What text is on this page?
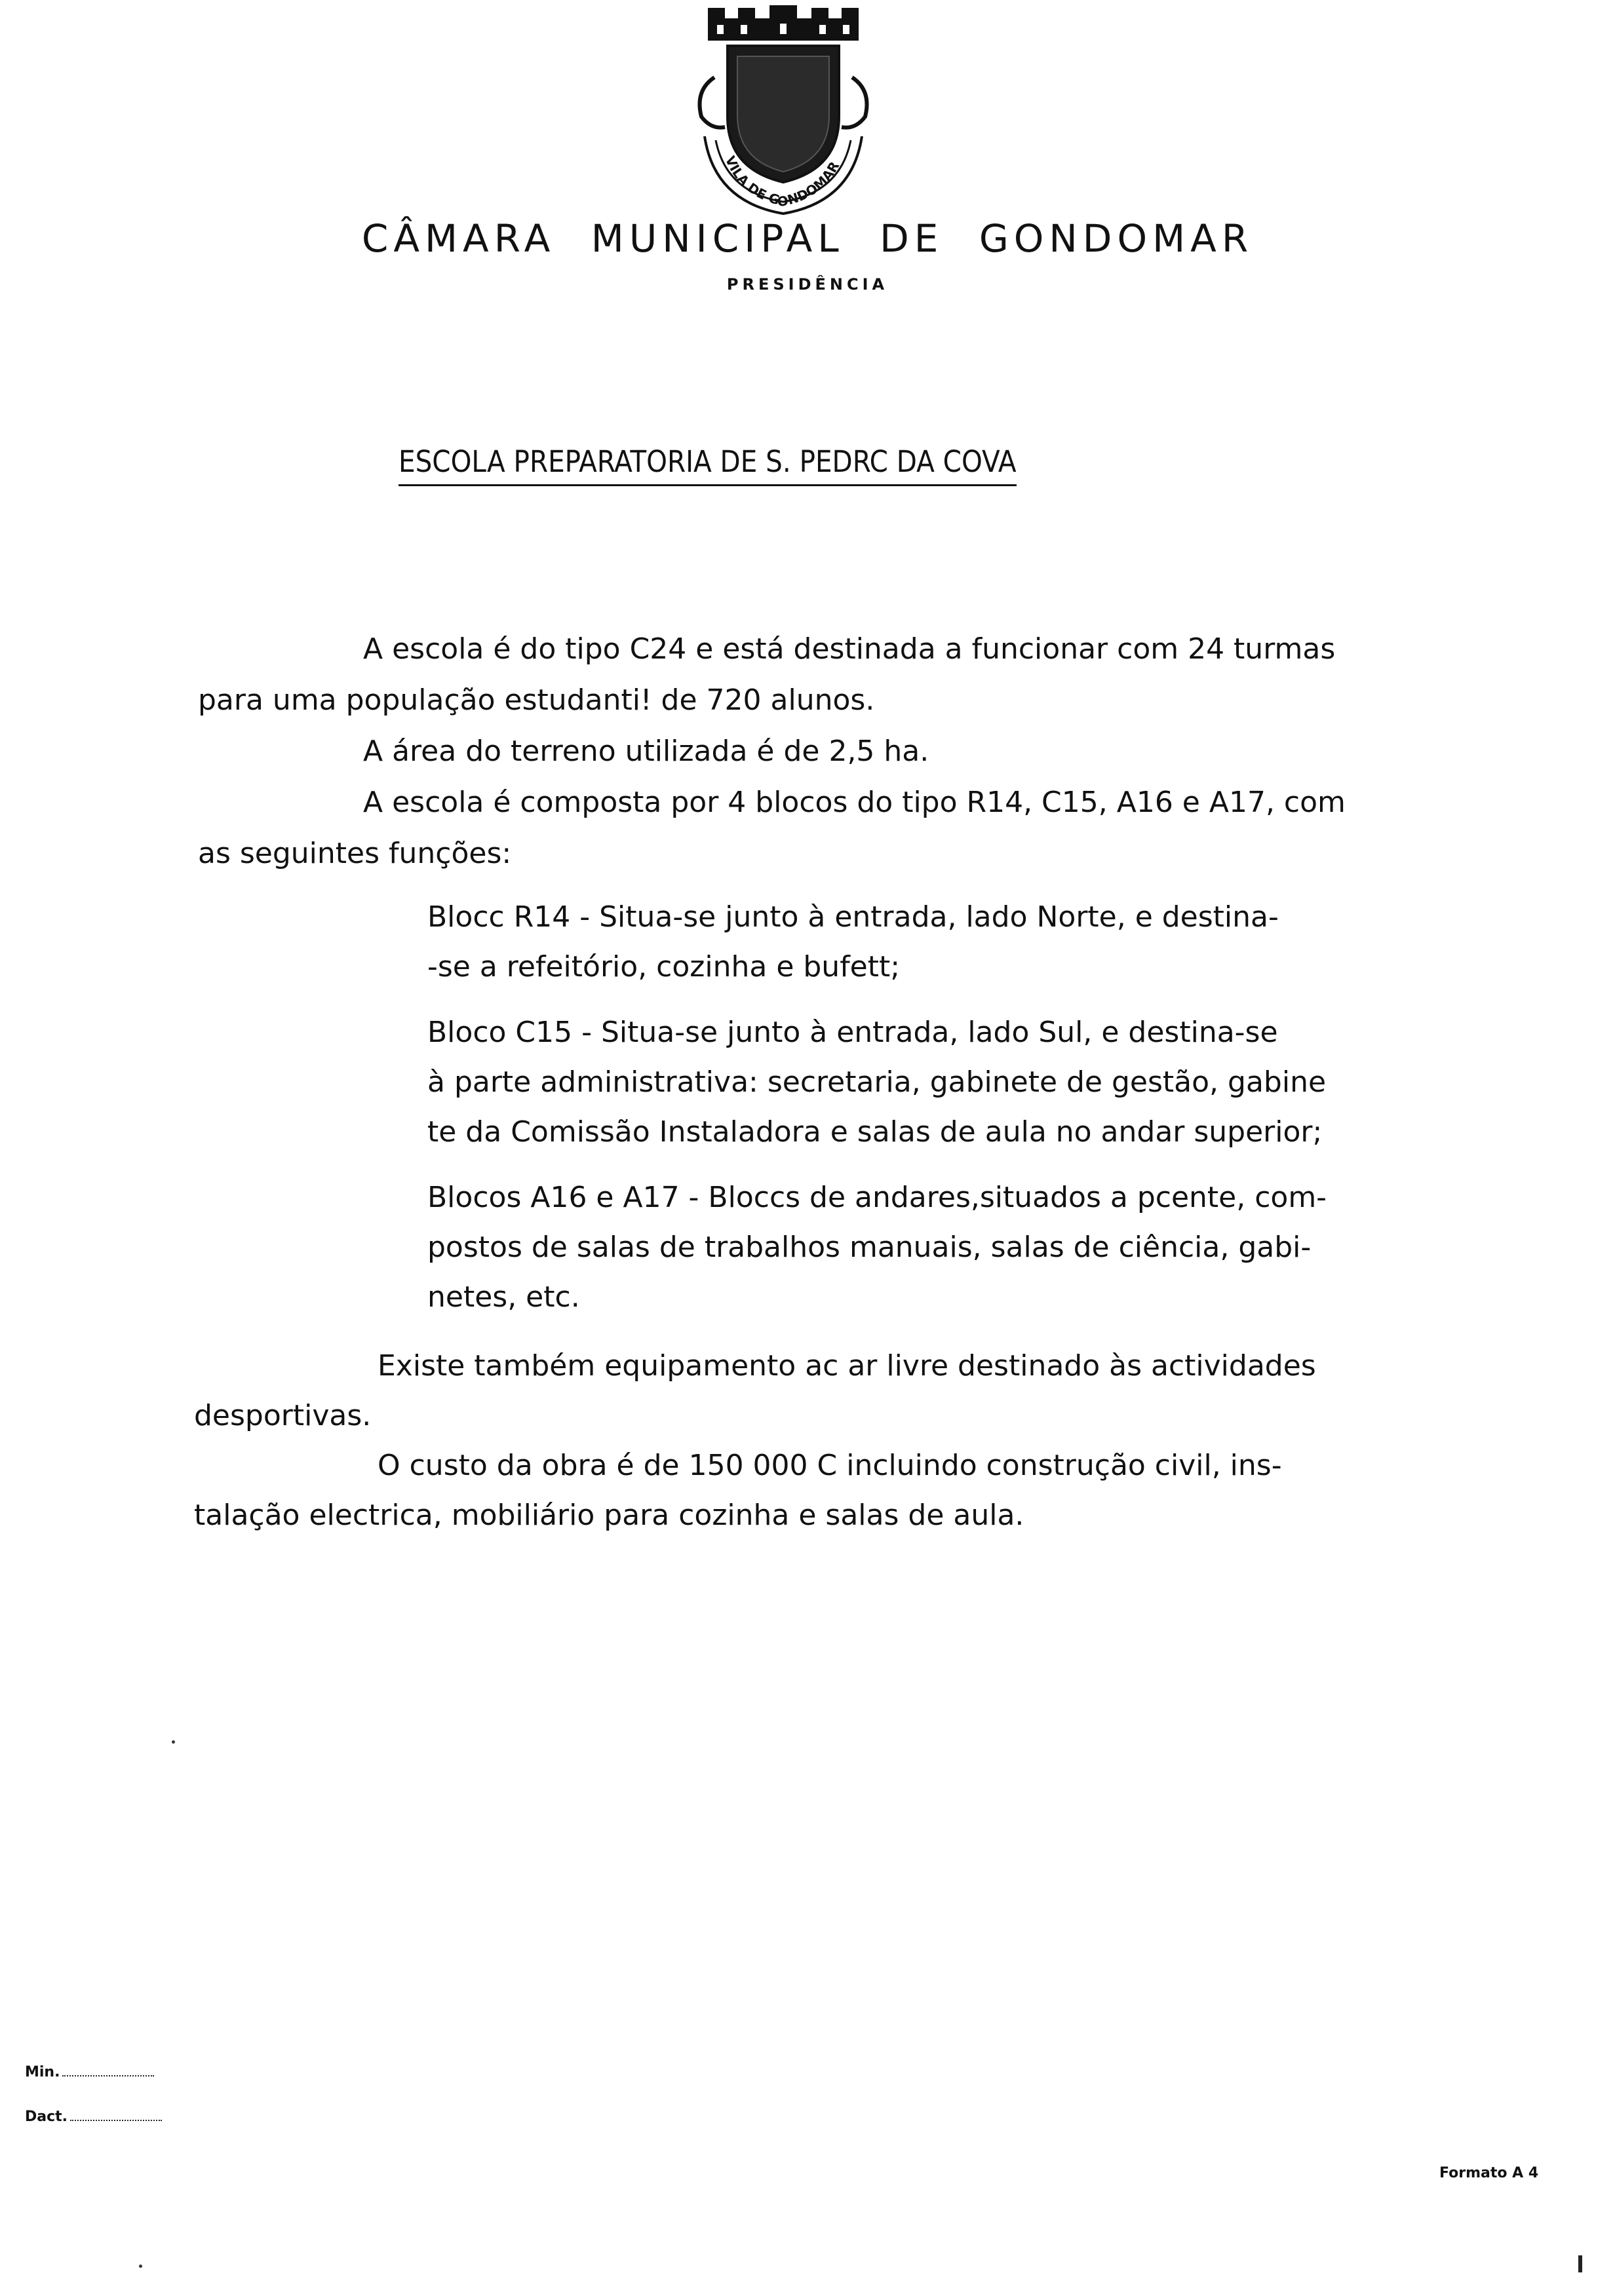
VILA DE GONDOMAR
CÂMARA MUNICIPAL DE GONDOMAR
PRESIDÊNCIA
ESCOLA PREPARATORIA DE S. PEDRC DA COVA
A escola é do tipo C24 e está destinada a funcionar com 24 turmas
para uma população estudanti! de 720 alunos.
A área do terreno utilizada é de 2,5 ha.
A escola é composta por 4 blocos do tipo R14, C15, A16 e A17, com
as seguintes funções:
Blocc R14 - Situa-se junto à entrada, lado Norte, e destina-
-se a refeitório, cozinha e bufett;
Bloco C15 - Situa-se junto à entrada, lado Sul, e destina-se
à parte administrativa: secretaria, gabinete de gestão, gabine
te da Comissão Instaladora e salas de aula no andar superior;
Blocos A16 e A17 - Bloccs de andares,situados a pcente, com-
postos de salas de trabalhos manuais, salas de ciência, gabi-
netes, etc.
Existe também equipamento ac ar livre destinado às actividades
desportivas.
O custo da obra é de 150 000 C incluindo construção civil, ins-
talação electrica, mobiliário para cozinha e salas de aula.
Min.
Dact.
Formato A 4
